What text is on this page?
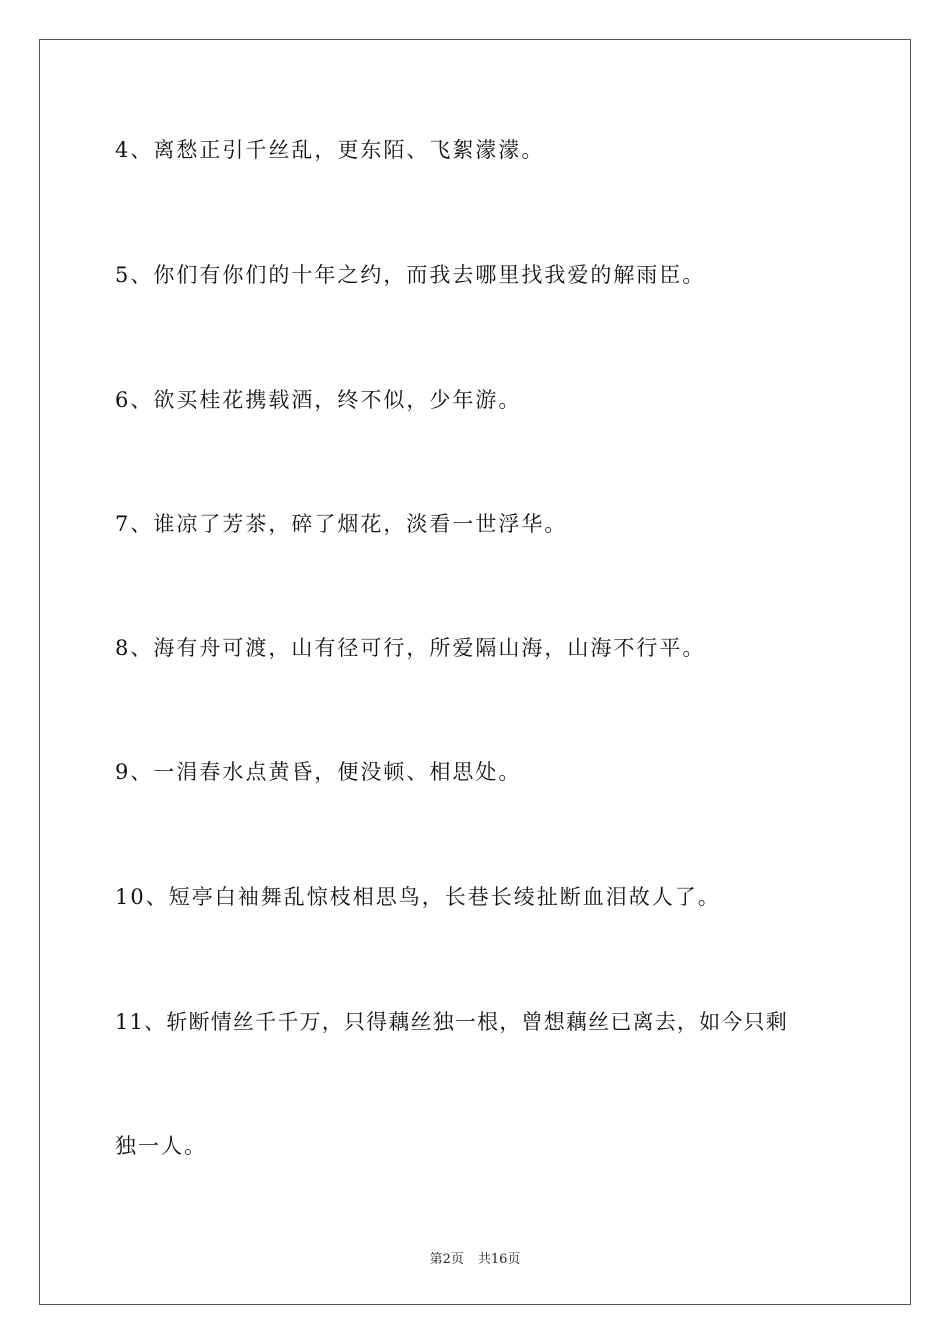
4、离愁正引千丝乱，更东陌、飞絮濛濛。
5、你们有你们的十年之约，而我去哪里找我爱的解雨臣。
6、欲买桂花携载酒，终不似，少年游。
7、谁凉了芳茶，碎了烟花，淡看一世浮华。
8、海有舟可渡，山有径可行，所爱隔山海，山海不行平。
9、一涓春水点黄昏，便没顿、相思处。
10、短亭白袖舞乱惊枝相思鸟，长巷长绫扯断血泪故人了。
11、斩断情丝千千万，只得藕丝独一根，曾想藕丝已离去，如今只剩
独一人。
第2页 共16页
